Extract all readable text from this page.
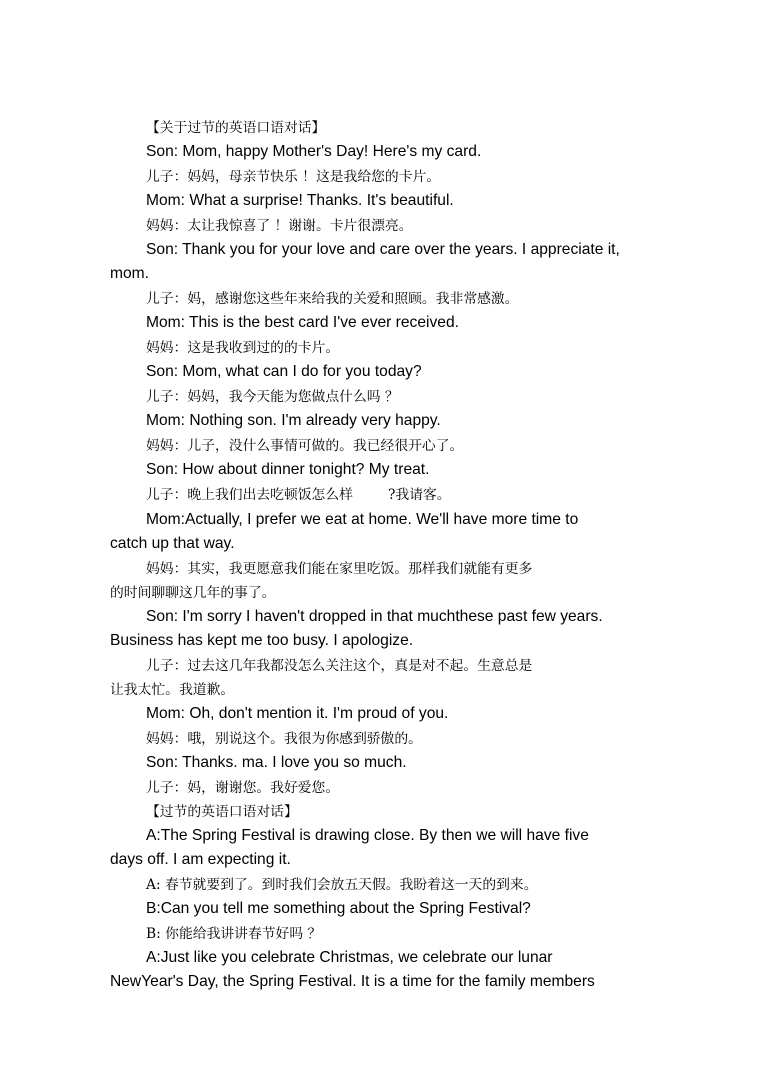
【关于过节的英语口语对话】
Son: Mom, happy Mother's Day! Here's my card.
儿子：妈妈，母亲节快乐 ！这是我给您的卡片。
Mom: What a surprise! Thanks. It's beautiful.
妈妈：太让我惊喜了 ！谢谢。卡片很漂亮。
Son: Thank you for your love and care over the years. I appreciate it,
mom.
儿子：妈，感谢您这些年来给我的关爱和照顾。我非常感激。
Mom: This is the best card I've ever received.
妈妈：这是我收到过的的卡片。
Son: Mom, what can I do for you today?
儿子：妈妈，我今天能为您做点什么吗 ？
Mom: Nothing son. I'm already very happy.
妈妈：儿子，没什么事情可做的。我已经很开心了。
Son: How about dinner tonight? My treat.
儿子：晚上我们出去吃顿饭怎么样        ?我请客。
Mom:Actually, I prefer we eat at home. We'll have more time to
catch up that way.
妈妈：其实，我更愿意我们能在家里吃饭。那样我们就能有更多
的时间聊聊这几年的事了。
Son: I'm sorry I haven't dropped in that muchthese past few years.
Business has kept me too busy. I apologize.
儿子：过去这几年我都没怎么关注这个，真是对不起。生意总是
让我太忙。我道歉。
Mom: Oh, don't mention it. I'm proud of you.
妈妈：哦，别说这个。我很为你感到骄傲的。
Son: Thanks. ma. I love you so much.
儿子：妈，谢谢您。我好爱您。
【过节的英语口语对话】
A:The Spring Festival is drawing close. By then we will have five
days off. I am expecting it.
A: 春节就要到了。到时我们会放五天假。我盼着这一天的到来。
B:Can you tell me something about the Spring Festival?
B: 你能给我讲讲春节好吗 ？
A:Just like you celebrate Christmas, we celebrate our lunar
NewYear's Day, the Spring Festival. It is a time for the family members
